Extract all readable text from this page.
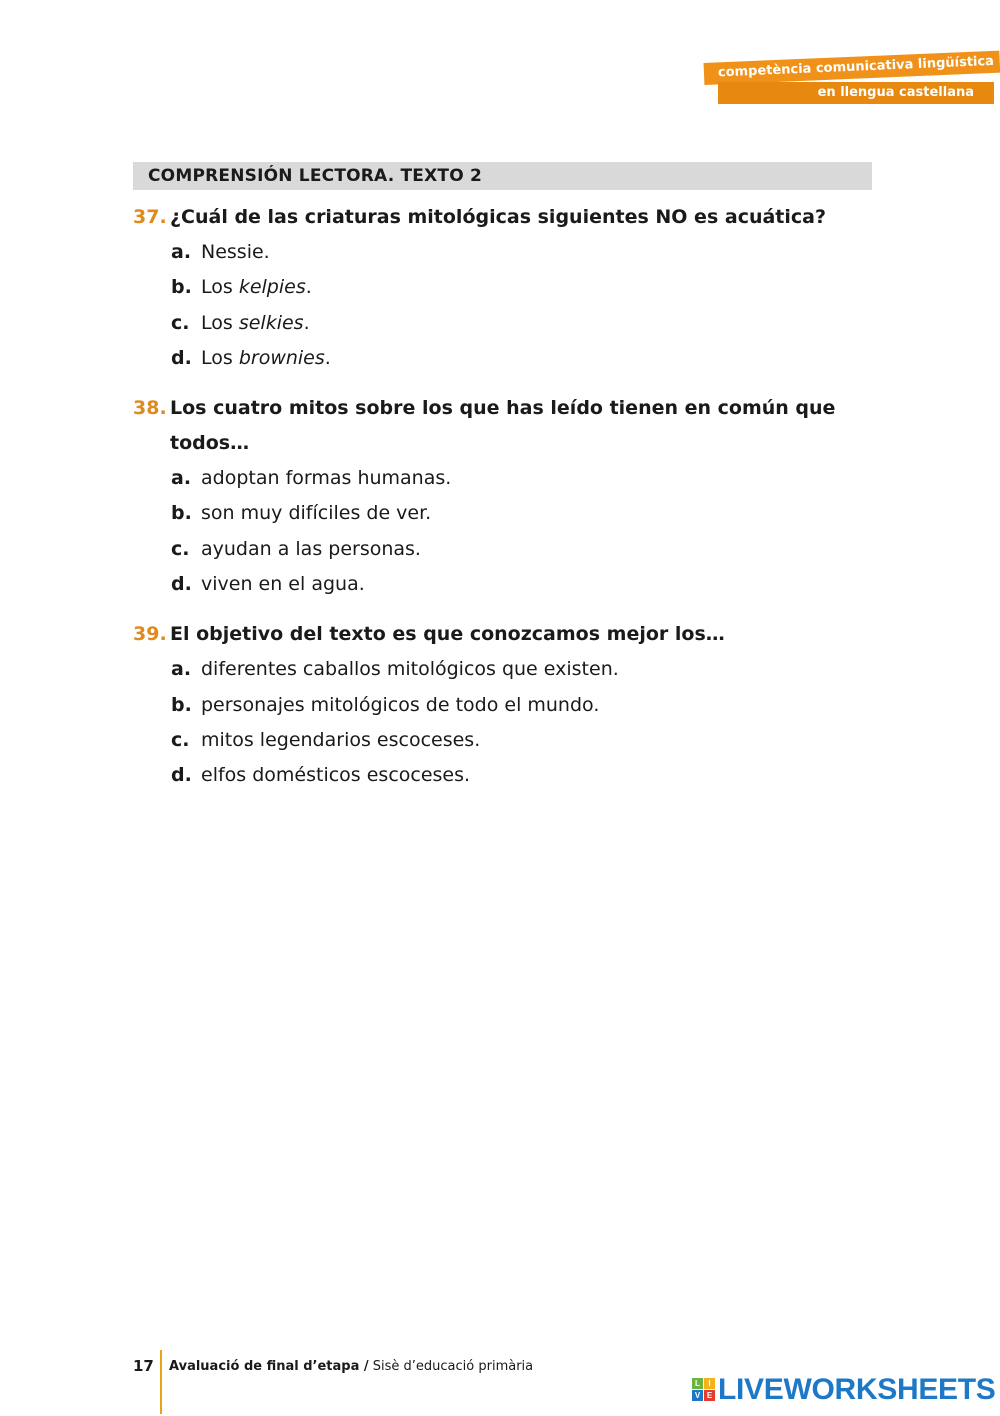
competència comunicativa lingüística
en llengua castellana
COMPRENSIÓN LECTORA. TEXTO 2
37. ¿Cuál de las criaturas mitológicas siguientes NO es acuática?
a. Nessie.
b. Los kelpies.
c. Los selkies.
d. Los brownies.
38. Los cuatro mitos sobre los que has leído tienen en común que todos…
a. adoptan formas humanas.
b. son muy difíciles de ver.
c. ayudan a las personas.
d. viven en el agua.
39. El objetivo del texto es que conozcamos mejor los…
a. diferentes caballos mitológicos que existen.
b. personajes mitológicos de todo el mundo.
c. mitos legendarios escoceses.
d. elfos domésticos escoceses.
17 Avaluació de final d’etapa / Sisè d’educació primària
L	I
V E LIVEWORKSHEETS
